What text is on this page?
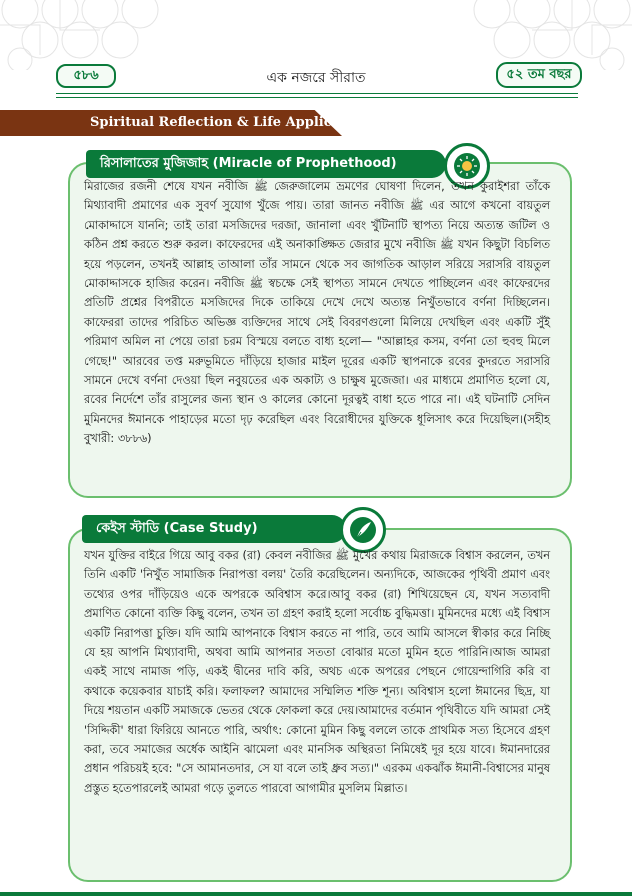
৫৮৬	এক নজরে সীরাত	৫২ তম বছর
Spiritual Reflection & Life Application
রিসালাতের মুজিজাহ (Miracle of Prophethood)
মিরাজের রজনী শেষে যখন নবীজি ﷺ জেরুজালেম ভ্রমণের ঘোষণা দিলেন, তখন কুরাইশরা তাঁকে মিথ্যাবাদী প্রমাণের এক সুবর্ণ সুযোগ খুঁজে পায়। তারা জানত নবীজি ﷺ এর আগে কখনো বায়তুল মোকাদ্দাসে যাননি; তাই তারা মসজিদের দরজা, জানালা এবং খুঁটিনাটি স্থাপত্য নিয়ে অত্যন্ত জটিল ও কঠিন প্রশ্ন করতে শুরু করল। কাফেরদের এই অনাকাঙ্ক্ষিত জেরার মুখে নবীজি ﷺ যখন কিছুটা বিচলিত হয়ে পড়লেন, তখনই আল্লাহ তাআলা তাঁর সামনে থেকে সব জাগতিক আড়াল সরিয়ে সরাসরি বায়তুল মোকাদ্দাসকে হাজির করেন। নবীজি ﷺ স্বচক্ষে সেই স্থাপত্য সামনে দেখতে পাচ্ছিলেন এবং কাফেরদের প্রতিটি প্রশ্নের বিপরীতে মসজিদের দিকে তাকিয়ে দেখে দেখে অত্যন্ত নিখুঁতভাবে বর্ণনা দিচ্ছিলেন। কাফেররা তাদের পরিচিত অভিজ্ঞ ব্যক্তিদের সাথে সেই বিবরণগুলো মিলিয়ে দেখছিল এবং একটি সুঁই পরিমাণ অমিল না পেয়ে তারা চরম বিস্ময়ে বলতে বাধ্য হলো— "আল্লাহর কসম, বর্ণনা তো হুবহু মিলে গেছে!" আরবের তপ্ত মরুভূমিতে দাঁড়িয়ে হাজার মাইল দূরের একটি স্থাপনাকে রবের কুদরতে সরাসরি সামনে দেখে বর্ণনা দেওয়া ছিল নবুয়তের এক অকাট্য ও চাক্ষুষ মুজেজা। এর মাধ্যমে প্রমাণিত হলো যে, রবের নির্দেশে তাঁর রাসুলের জন্য স্থান ও কালের কোনো দূরত্বই বাধা হতে পারে না। এই ঘটনাটি সেদিন মুমিনদের ঈমানকে পাহাড়ের মতো দৃঢ় করেছিল এবং বিরোধীদের যুক্তিকে ধূলিসাৎ করে দিয়েছিল।(সহীহ বুখারী: ৩৮৮৬)
কেইস স্টাডি (Case Study)
যখন যুক্তির বাইরে গিয়ে আবু বকর (রা) কেবল নবীজির ﷺ মুখের কথায় মিরাজকে বিশ্বাস করলেন, তখন তিনি একটি 'নিখুঁত সামাজিক নিরাপত্তা বলয়' তৈরি করেছিলেন। অন্যদিকে, আজকের পৃথিবী প্রমাণ এবং তথ্যের ওপর দাঁড়িয়েও একে অপরকে অবিশ্বাস করে।আবু বকর (রা) শিখিয়েছেন যে, যখন সত্যবাদী প্রমাণিত কোনো ব্যক্তি কিছু বলেন, তখন তা গ্রহণ করাই হলো সর্বোচ্চ বুদ্ধিমত্তা। মুমিনদের মধ্যে এই বিশ্বাস একটি নিরাপত্তা চুক্তি। যদি আমি আপনাকে বিশ্বাস করতে না পারি, তবে আমি আসলে স্বীকার করে নিচ্ছি যে হয় আপনি মিথ্যাবাদী, অথবা আমি আপনার সততা বোঝার মতো মুমিন হতে পারিনি।আজ আমরা একই সাথে নামাজ পড়ি, একই দ্বীনের দাবি করি, অথচ একে অপরের পেছনে গোয়েন্দাগিরি করি বা কথাকে কয়েকবার যাচাই করি। ফলাফল? আমাদের সম্মিলিত শক্তি শূন্য। অবিশ্বাস হলো ঈমানের ছিদ্র, যা দিয়ে শয়তান একটি সমাজকে ভেতর থেকে ফোকলা করে দেয়।আমাদের বর্তমান পৃথিবীতে যদি আমরা সেই 'সিদ্দিকী' ধারা ফিরিয়ে আনতে পারি, অর্থাৎ: কোনো মুমিন কিছু বললে তাকে প্রাথমিক সত্য হিসেবে গ্রহণ করা, তবে সমাজের অর্ধেক আইনি ঝামেলা এবং মানসিক অস্থিরতা নিমিষেই দূর হয়ে যাবে। ঈমানদারের প্রধান পরিচয়ই হবে: "সে আমানতদার, সে যা বলে তাই ধ্রুব সত্য।" এরকম একঝাঁক ঈমানী-বিশ্বাসের মানুষ প্রস্তুত হতেপারলেই আমরা গড়ে তুলতে পারবো আগামীর মুসলিম মিল্লাত।
